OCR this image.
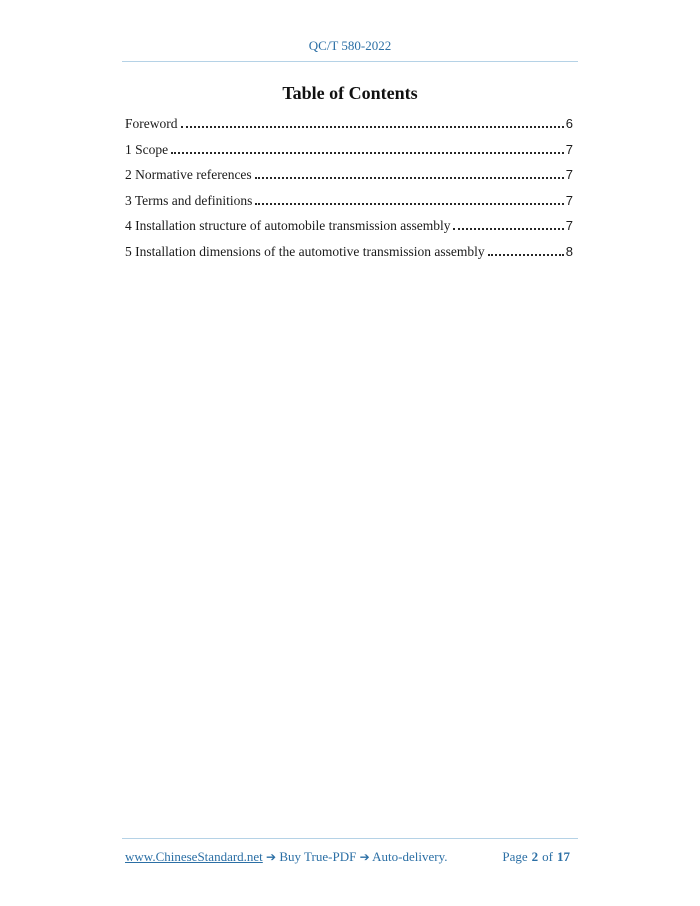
QC/T 580-2022
Table of Contents
Foreword	6
1 Scope	7
2 Normative references	7
3 Terms and definitions	7
4 Installation structure of automobile transmission assembly	7
5 Installation dimensions of the automotive transmission assembly	8
www.ChineseStandard.net ➔ Buy True-PDF ➔ Auto-delivery.	Page 2 of 17
